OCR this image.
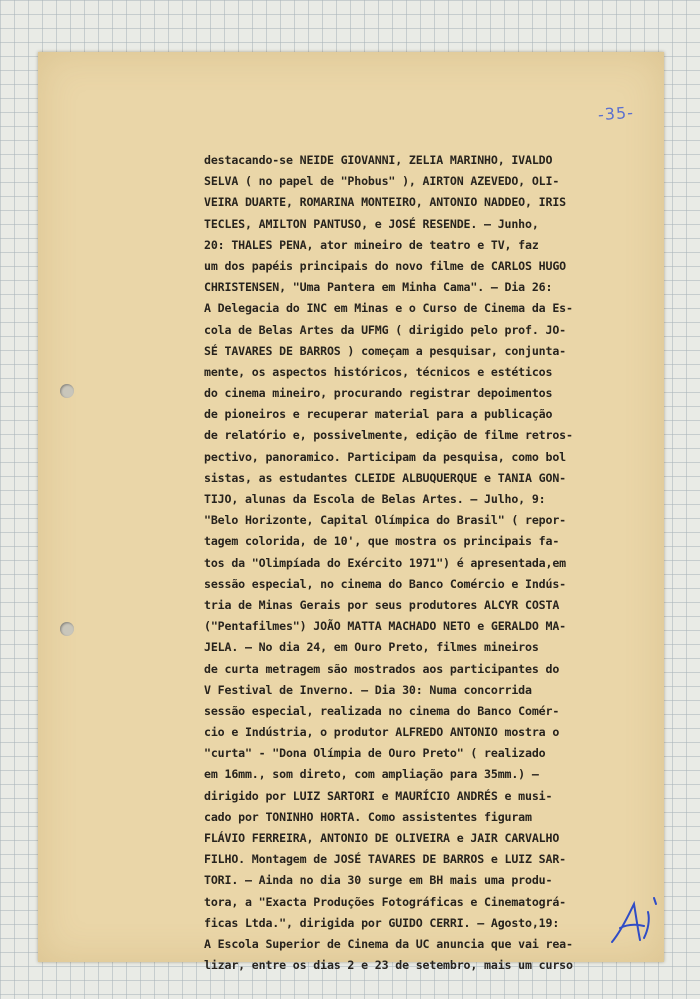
-35-
destacando-se NEIDE GIOVANNI, ZELIA MARINHO, IVALDO
SELVA ( no papel de "Phobus" ), AIRTON AZEVEDO, OLI-
VEIRA DUARTE, ROMARINA MONTEIRO, ANTONIO NADDEO, IRIS
TECLES, AMILTON PANTUSO, e JOSÉ RESENDE. — Junho,
20: THALES PENA, ator mineiro de teatro e TV, faz
um dos papéis principais do novo filme de CARLOS HUGO
CHRISTENSEN, "Uma Pantera em Minha Cama". — Dia 26:
A Delegacia do INC em Minas e o Curso de Cinema da Es-
cola de Belas Artes da UFMG ( dirigido pelo prof. JO-
SÉ TAVARES DE BARROS ) começam a pesquisar, conjunta-
mente, os aspectos históricos, técnicos e estéticos
do cinema mineiro, procurando registrar depoimentos
de pioneiros e recuperar material para a publicação
de relatório e, possivelmente, edição de filme retros-
pectivo, panoramico. Participam da pesquisa, como bol
sistas, as estudantes CLEIDE ALBUQUERQUE e TANIA GON-
TIJO, alunas da Escola de Belas Artes. — Julho, 9:
"Belo Horizonte, Capital Olímpica do Brasil" ( repor-
tagem colorida, de 10', que mostra os principais fa-
tos da "Olimpíada do Exército 1971") é apresentada,em
sessão especial, no cinema do Banco Comércio e Indús-
tria de Minas Gerais por seus produtores ALCYR COSTA
("Pentafilmes") JOÃO MATTA MACHADO NETO e GERALDO MA-
JELA. — No dia 24, em Ouro Preto, filmes mineiros
de curta metragem são mostrados aos participantes do
V Festival de Inverno. — Dia 30: Numa concorrida
sessão especial, realizada no cinema do Banco Comér-
cio e Indústria, o produtor ALFREDO ANTONIO mostra o
"curta" - "Dona Olímpia de Ouro Preto" ( realizado
em 16mm., som direto, com ampliação para 35mm.) —
dirigido por LUIZ SARTORI e MAURÍCIO ANDRÉS e musi-
cado por TONINHO HORTA. Como assistentes figuram
FLÁVIO FERREIRA, ANTONIO DE OLIVEIRA e JAIR CARVALHO
FILHO. Montagem de JOSÉ TAVARES DE BARROS e LUIZ SAR-
TORI. — Ainda no dia 30 surge em BH mais uma produ-
tora, a "Exacta Produções Fotográficas e Cinematográ-
ficas Ltda.", dirigida por GUIDO CERRI. — Agosto,19:
A Escola Superior de Cinema da UC anuncia que vai rea-
lizar, entre os dias 2 e 23 de setembro, mais um curso
